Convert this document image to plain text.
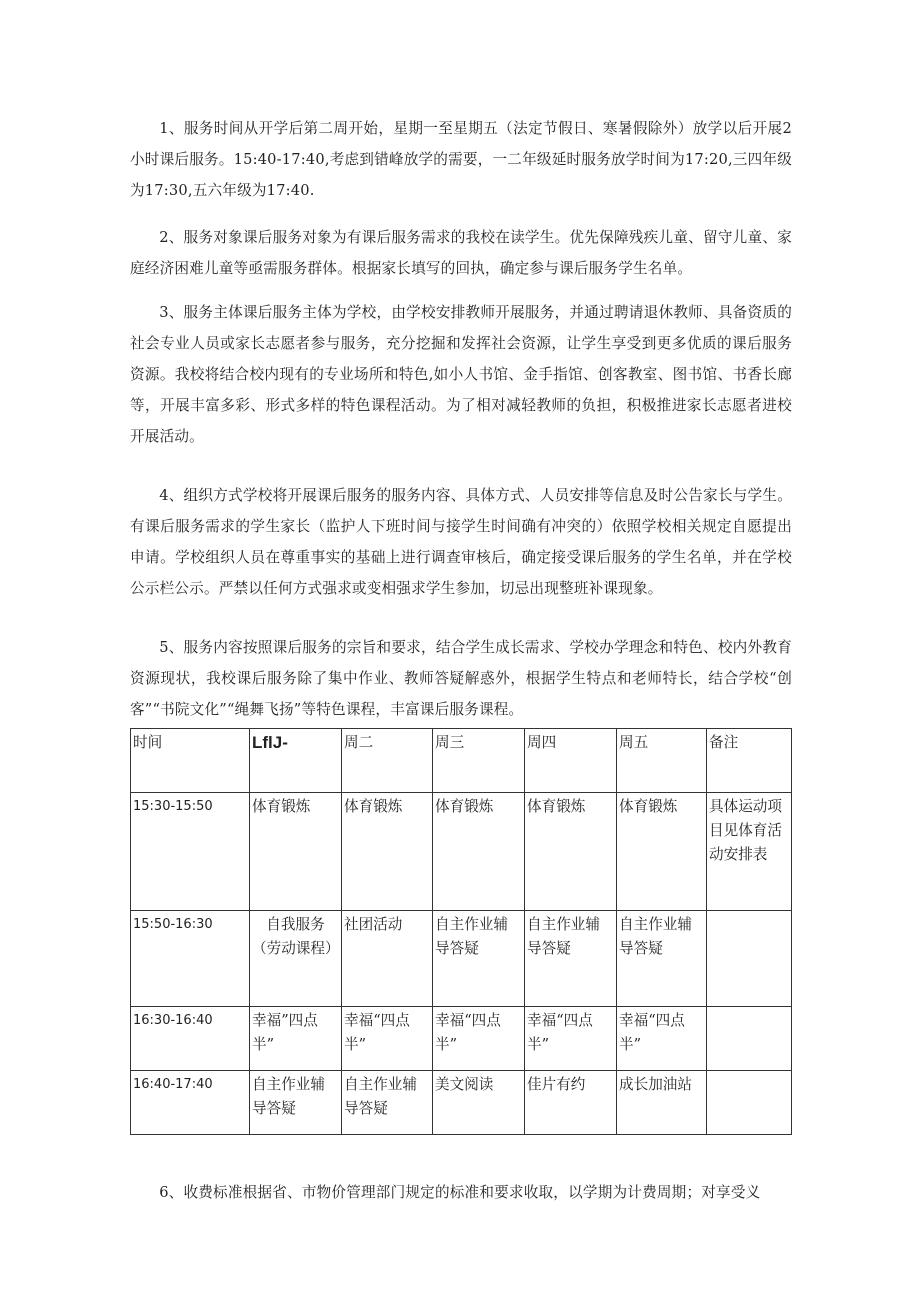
1、服务时间从开学后第二周开始，星期一至星期五（法定节假日、寒暑假除外）放学以后开展2小时课后服务。15:40-17:40,考虑到错峰放学的需要，一二年级延时服务放学时间为17:20,三四年级为17:30,五六年级为17:40.

2、服务对象课后服务对象为有课后服务需求的我校在读学生。优先保障残疾儿童、留守儿童、家庭经济困难儿童等亟需服务群体。根据家长填写的回执，确定参与课后服务学生名单。

3、服务主体课后服务主体为学校，由学校安排教师开展服务，并通过聘请退休教师、具备资质的社会专业人员或家长志愿者参与服务，充分挖掘和发挥社会资源，让学生享受到更多优质的课后服务资源。我校将结合校内现有的专业场所和特色,如小人书馆、金手指馆、创客教室、图书馆、书香长廊等，开展丰富多彩、形式多样的特色课程活动。为了相对减轻教师的负担，积极推进家长志愿者进校开展活动。

4、组织方式学校将开展课后服务的服务内容、具体方式、人员安排等信息及时公告家长与学生。有课后服务需求的学生家长（监护人下班时间与接学生时间确有冲突的）依照学校相关规定自愿提出申请。学校组织人员在尊重事实的基础上进行调查审核后，确定接受课后服务的学生名单，并在学校公示栏公示。严禁以任何方式强求或变相强求学生参加，切忌出现整班补课现象。

5、服务内容按照课后服务的宗旨和要求，结合学生成长需求、学校办学理念和特色、校内外教育资源现状，我校课后服务除了集中作业、教师答疑解惑外，根据学生特点和老师特长，结合学校“创客”“书院文化”“绳舞飞扬”等特色课程，丰富课后服务课程。

时间	LflJ-	周二	周三	周四	周五	备注
15:30-15:50	体育锻炼	体育锻炼	体育锻炼	体育锻炼	体育锻炼	具体运动项目见体育活动安排表
15:50-16:30	自我服务（劳动课程）	社团活动	自主作业辅导答疑	自主作业辅导答疑	自主作业辅导答疑	
16:30-16:40	幸福”四点半”	幸福“四点半”	幸福“四点半”	幸福“四点半”	幸福“四点半”	
16:40-17:40	自主作业辅导答疑	自主作业辅导答疑	美文阅读	佳片有约	成长加油站	

6、收费标准根据省、市物价管理部门规定的标准和要求收取，以学期为计费周期；对享受义
